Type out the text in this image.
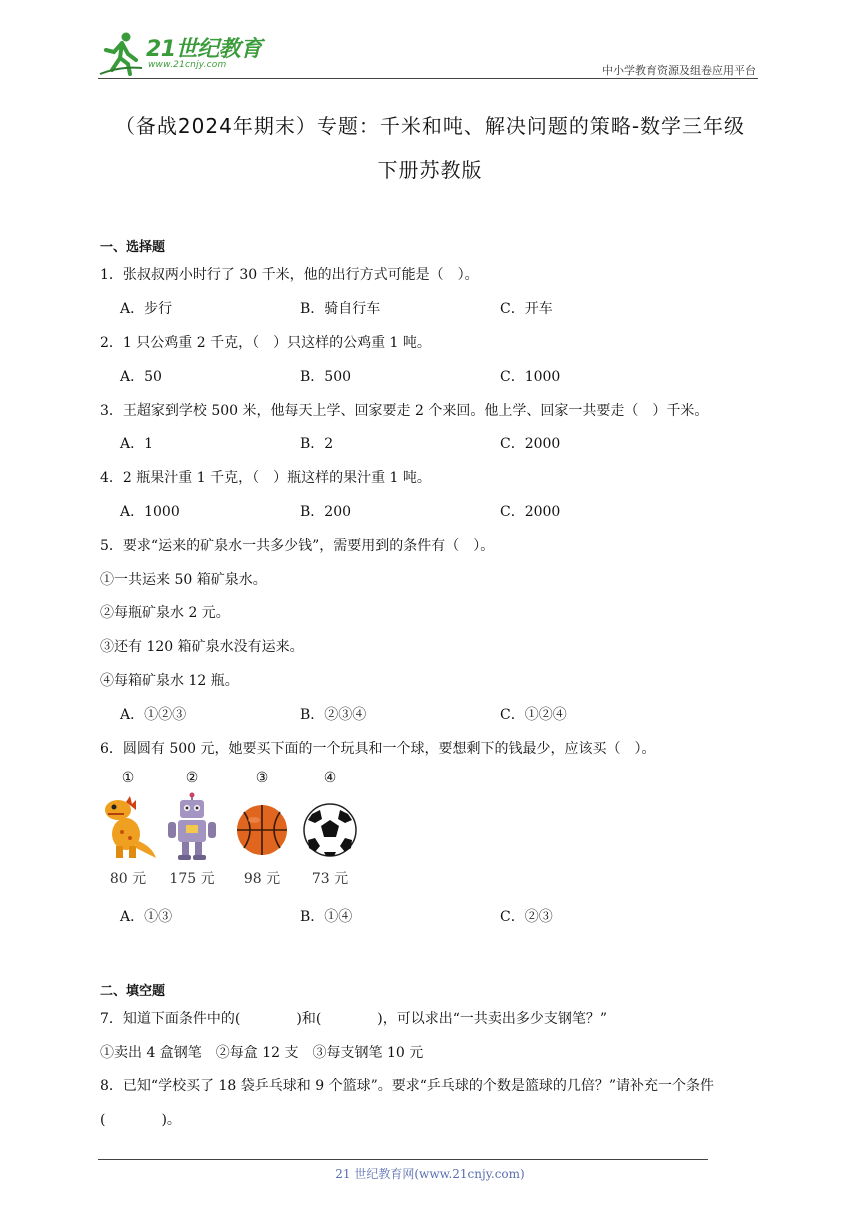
21世纪教育
www.21cnjy.com	中小学教育资源及组卷应用平台
（备战2024年期末）专题：千米和吨、解决问题的策略-数学三年级
下册苏教版
一、选择题
1．张叔叔两小时行了 30 千米，他的出行方式可能是（　）。
A．步行	B．骑自行车	C．开车
2．1 只公鸡重 2 千克，（　）只这样的公鸡重 1 吨。
A．50	B．500	C．1000
3．王超家到学校 500 米，他每天上学、回家要走 2 个来回。他上学、回家一共要走（　）千米。
A．1	B．2	C．2000
4．2 瓶果汁重 1 千克，（　）瓶这样的果汁重 1 吨。
A．1000	B．200	C．2000
5．要求“运来的矿泉水一共多少钱”，需要用到的条件有（　）。
①一共运来 50 箱矿泉水。
②每瓶矿泉水 2 元。
③还有 120 箱矿泉水没有运来。
④每箱矿泉水 12 瓶。
A．①②③	B．②③④	C．①②④
6．圆圆有 500 元，她要买下面的一个玩具和一个球，要想剩下的钱最少，应该买（　）。
①
80 元
②
175 元
③
98 元
④
73 元
A．①③	B．①④	C．②③
二、填空题
7．知道下面条件中的(　　　　)和(　　　　)，可以求出“一共卖出多少支钢笔？”
①卖出 4 盒钢笔　②每盒 12 支　③每支钢笔 10 元
8．已知“学校买了 18 袋乒乓球和 9 个篮球”。要求“乒乓球的个数是篮球的几倍？”请补充一个条件
(　　　　)。
21 世纪教育网(www.21cnjy.com)
